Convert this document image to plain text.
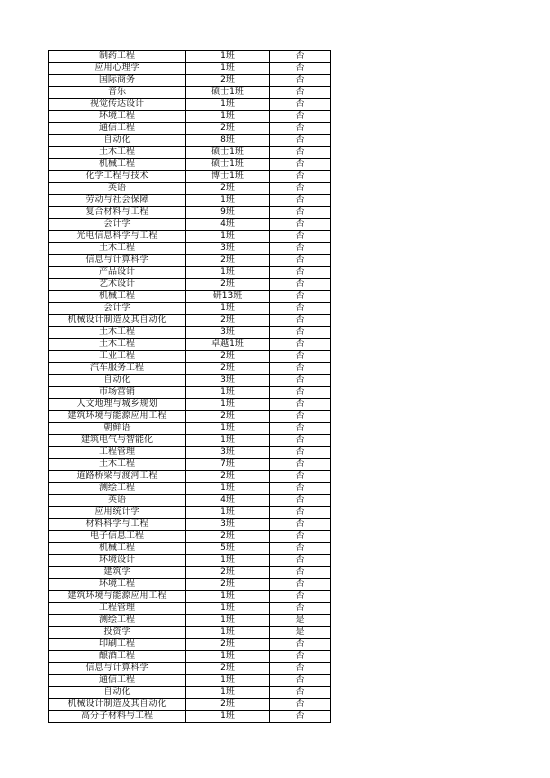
制药工程	1班	否
应用心理学	1班	否
国际商务	2班	否
音乐	硕士1班	否
视觉传达设计	1班	否
环境工程	1班	否
通信工程	2班	否
自动化	8班	否
土木工程	硕士1班	否
机械工程	硕士1班	否
化学工程与技术	博士1班	否
英语	2班	否
劳动与社会保障	1班	否
复合材料与工程	9班	否
会计学	4班	否
光电信息科学与工程	1班	否
土木工程	3班	否
信息与计算科学	2班	否
产品设计	1班	否
艺术设计	2班	否
机械工程	研13班	否
会计学	1班	否
机械设计制造及其自动化	2班	否
土木工程	3班	否
土木工程	卓越1班	否
工业工程	2班	否
汽车服务工程	2班	否
自动化	3班	否
市场营销	1班	否
人文地理与城乡规划	1班	否
建筑环境与能源应用工程	2班	否
朝鲜语	1班	否
建筑电气与智能化	1班	否
工程管理	3班	否
土木工程	7班	否
道路桥梁与渡河工程	2班	否
测绘工程	1班	否
英语	4班	否
应用统计学	1班	否
材料科学与工程	3班	否
电子信息工程	2班	否
机械工程	5班	否
环境设计	1班	否
建筑学	2班	否
环境工程	2班	否
建筑环境与能源应用工程	1班	否
工程管理	1班	否
测绘工程	1班	是
投资学	1班	是
印刷工程	2班	否
酿酒工程	1班	否
信息与计算科学	2班	否
通信工程	1班	否
自动化	1班	否
机械设计制造及其自动化	2班	否
高分子材料与工程	1班	否
